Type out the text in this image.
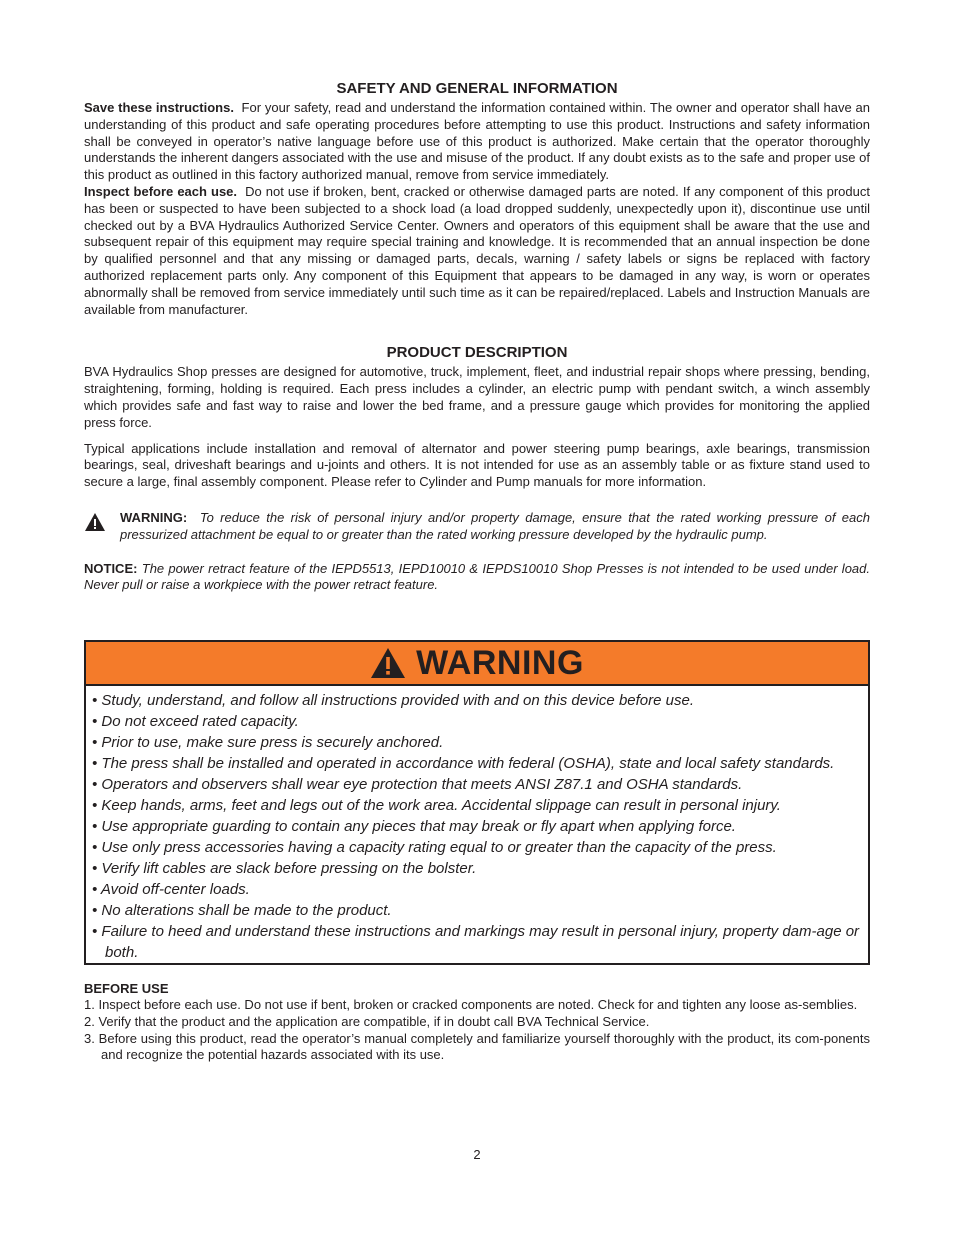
SAFETY AND GENERAL INFORMATION

Save these instructions. For your safety, read and understand the information contained within. The owner and operator shall have an understanding of this product and safe operating procedures before attempting to use this product. Instructions and safety information shall be conveyed in operator’s native language before use of this product is authorized. Make certain that the operator thoroughly understands the inherent dangers associated with the use and misuse of the product. If any doubt exists as to the safe and proper use of this product as outlined in this factory authorized manual, remove from service immediately.

Inspect before each use. Do not use if broken, bent, cracked or otherwise damaged parts are noted. If any component of this product has been or suspected to have been subjected to a shock load (a load dropped suddenly, unexpectedly upon it), discontinue use until checked out by a BVA Hydraulics Authorized Service Center. Owners and operators of this equipment shall be aware that the use and subsequent repair of this equipment may require special training and knowledge. It is recommended that an annual inspection be done by qualified personnel and that any missing or damaged parts, decals, warning / safety labels or signs be replaced with factory authorized replacement parts only. Any component of this Equipment that appears to be damaged in any way, is worn or operates abnormally shall be removed from service immediately until such time as it can be repaired/replaced. Labels and Instruction Manuals are available from manufacturer.

PRODUCT DESCRIPTION

BVA Hydraulics Shop presses are designed for automotive, truck, implement, fleet, and industrial repair shops where pressing, bending, straightening, forming, holding is required. Each press includes a cylinder, an electric pump with pendant switch, a winch assembly which provides safe and fast way to raise and lower the bed frame, and a pressure gauge which provides for monitoring the applied press force.

Typical applications include installation and removal of alternator and power steering pump bearings, axle bearings, transmission bearings, seal, driveshaft bearings and u-joints and others. It is not intended for use as an assembly table or as fixture stand used to secure a large, final assembly component. Please refer to Cylinder and Pump manuals for more information.

WARNING: To reduce the risk of personal injury and/or property damage, ensure that the rated working pressure of each pressurized attachment be equal to or greater than the rated working pressure developed by the hydraulic pump.

NOTICE: The power retract feature of the IEPD5513, IEPD10010 & IEPDS10010 Shop Presses is not intended to be used under load. Never pull or raise a workpiece with the power retract feature.

WARNING
• Study, understand, and follow all instructions provided with and on this device before use.
• Do not exceed rated capacity.
• Prior to use, make sure press is securely anchored.
• The press shall be installed and operated in accordance with federal (OSHA), state and local safety standards.
• Operators and observers shall wear eye protection that meets ANSI Z87.1 and OSHA standards.
• Keep hands, arms, feet and legs out of the work area. Accidental slippage can result in personal injury.
• Use appropriate guarding to contain any pieces that may break or fly apart when applying force.
• Use only press accessories having a capacity rating equal to or greater than the capacity of the press.
• Verify lift cables are slack before pressing on the bolster.
• Avoid off-center loads.
• No alterations shall be made to the product.
• Failure to heed and understand these instructions and markings may result in personal injury, property dam-age or both.
BEFORE USE
1. Inspect before each use. Do not use if bent, broken or cracked components are noted. Check for and tighten any loose as-semblies.
2. Verify that the product and the application are compatible, if in doubt call BVA Technical Service.
3. Before using this product, read the operator’s manual completely and familiarize yourself thoroughly with the product, its com-ponents and recognize the potential hazards associated with its use.
2
